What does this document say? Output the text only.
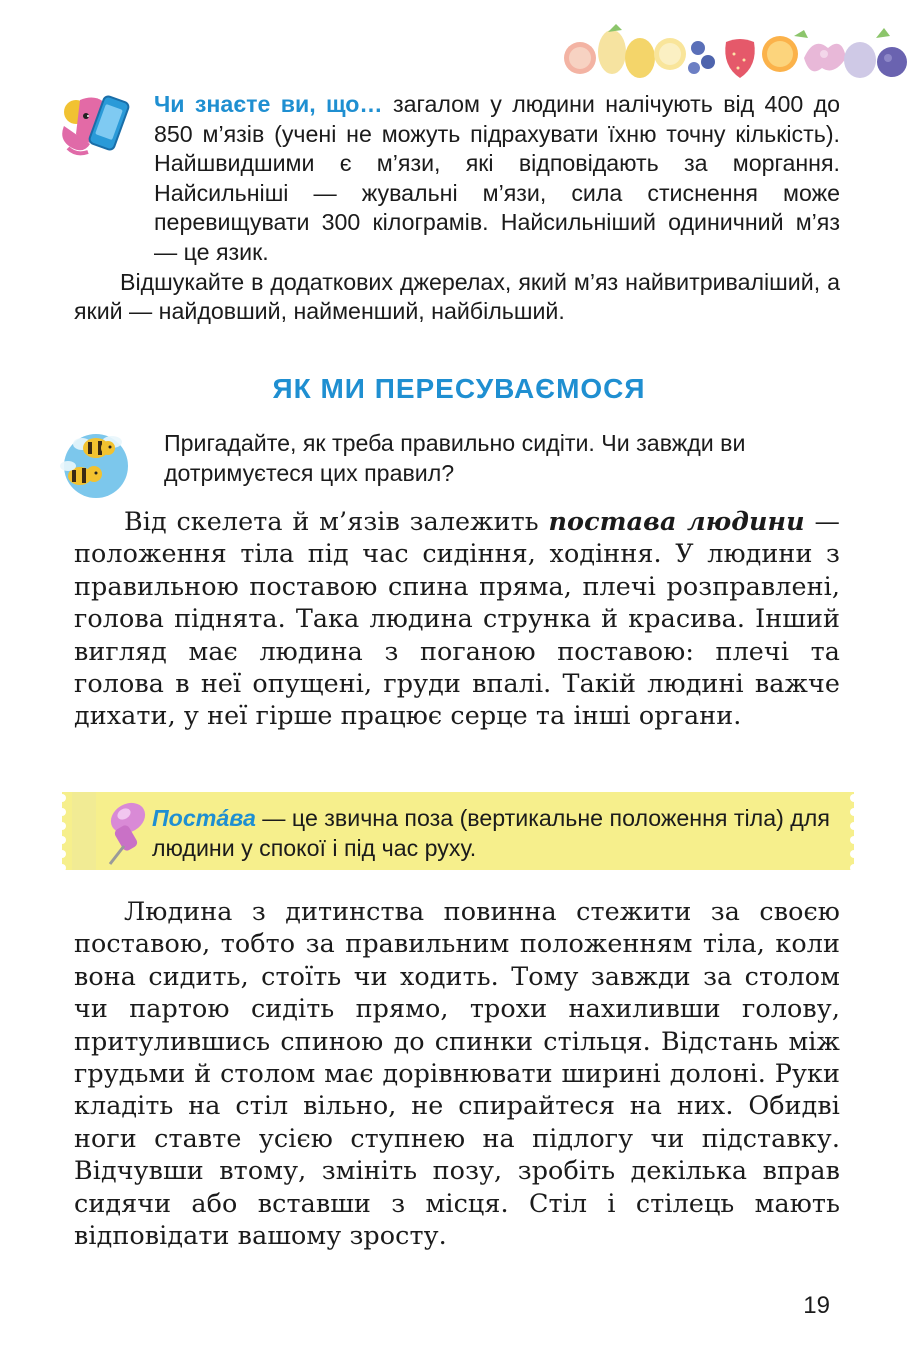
Чи знаєте ви, що… загалом у людини налічують від 400 до 850 м’язів (учені не можуть підрахувати їхню точну кількість). Найшвидшими є м’язи, які відповідають за моргання. Найсильніші — жувальні м’язи, сила стиснення може перевищувати 300 кілограмів. Найсильніший одиничний м’яз — це язик.

Відшукайте в додаткових джерелах, який м’яз найвитриваліший, а який — найдовший, найменший, найбільший.

ЯК МИ ПЕРЕСУВАЄМОСЯ

Пригадайте, як треба правильно сидіти. Чи завжди ви дотримуєтеся цих правил?

Від скелета й м’язів залежить постава людини — положення тіла під час сидіння, ходіння. У людини з правильною поставою спина пряма, плечі розправлені, голова піднята. Така людина струнка й красива. Інший вигляд має людина з поганою поставою: плечі та голова в неї опущені, груди впалі. Такій людині важче дихати, у неї гірше працює серце та інші органи.

Постáва — це звична поза (вертикальне положення тіла) для людини у спокої і під час руху.

Людина з дитинства повинна стежити за своєю поставою, тобто за правильним положенням тіла, коли вона сидить, стоїть чи ходить. Тому завжди за столом чи партою сидіть прямо, трохи нахиливши голову, притулившись спиною до спинки стільця. Відстань між грудьми й столом має дорівнювати ширині долоні. Руки кладіть на стіл вільно, не спирайтеся на них. Обидві ноги ставте усією ступнею на підлогу чи підставку. Відчувши втому, змініть позу, зробіть декілька вправ сидячи або вставши з місця. Стіл і стілець мають відповідати вашому зросту.

19
